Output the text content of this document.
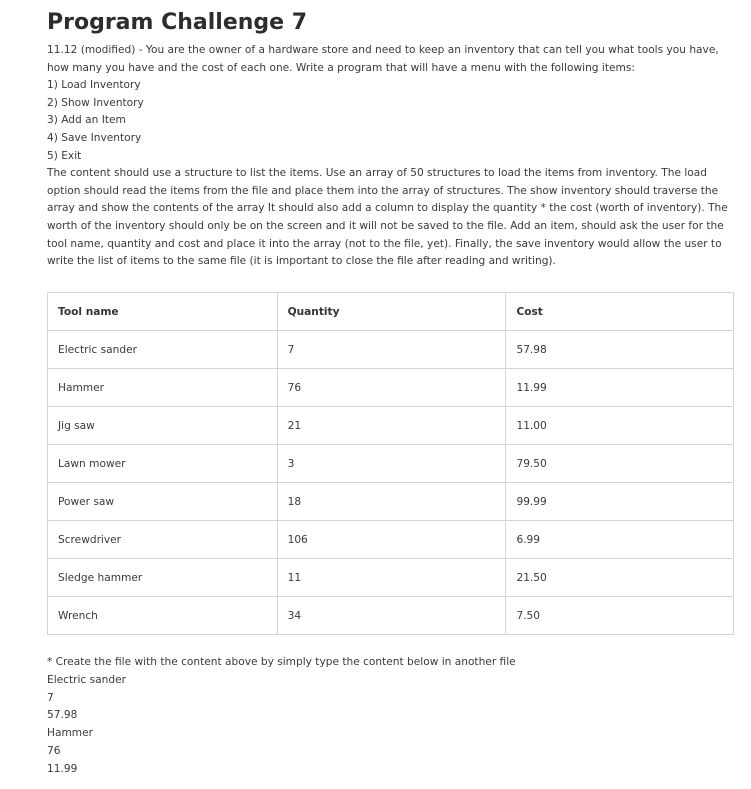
Program Challenge 7

11.12 (modified) - You are the owner of a hardware store and need to keep an inventory that can tell you what tools you have, how many you have and the cost of each one. Write a program that will have a menu with the following items:

1) Load Inventory
2) Show Inventory
3) Add an Item
4) Save Inventory
5) Exit

The content should use a structure to list the items. Use an array of 50 structures to load the items from inventory. The load option should read the items from the file and place them into the array of structures. The show inventory should traverse the array and show the contents of the array It should also add a column to display the quantity * the cost (worth of inventory). The worth of the inventory should only be on the screen and it will not be saved to the file. Add an item, should ask the user for the tool name, quantity and cost and place it into the array (not to the file, yet). Finally, the save inventory would allow the user to write the list of items to the same file (it is important to close the file after reading and writing).

Tool name	Quantity	Cost
Electric sander	7	57.98
Hammer	76	11.99
Jig saw	21	11.00
Lawn mower	3	79.50
Power saw	18	99.99
Screwdriver	106	6.99
Sledge hammer	11	21.50
Wrench	34	7.50

* Create the file with the content above by simply type the content below in another file

Electric sander

7

57.98

Hammer

76

11.99
